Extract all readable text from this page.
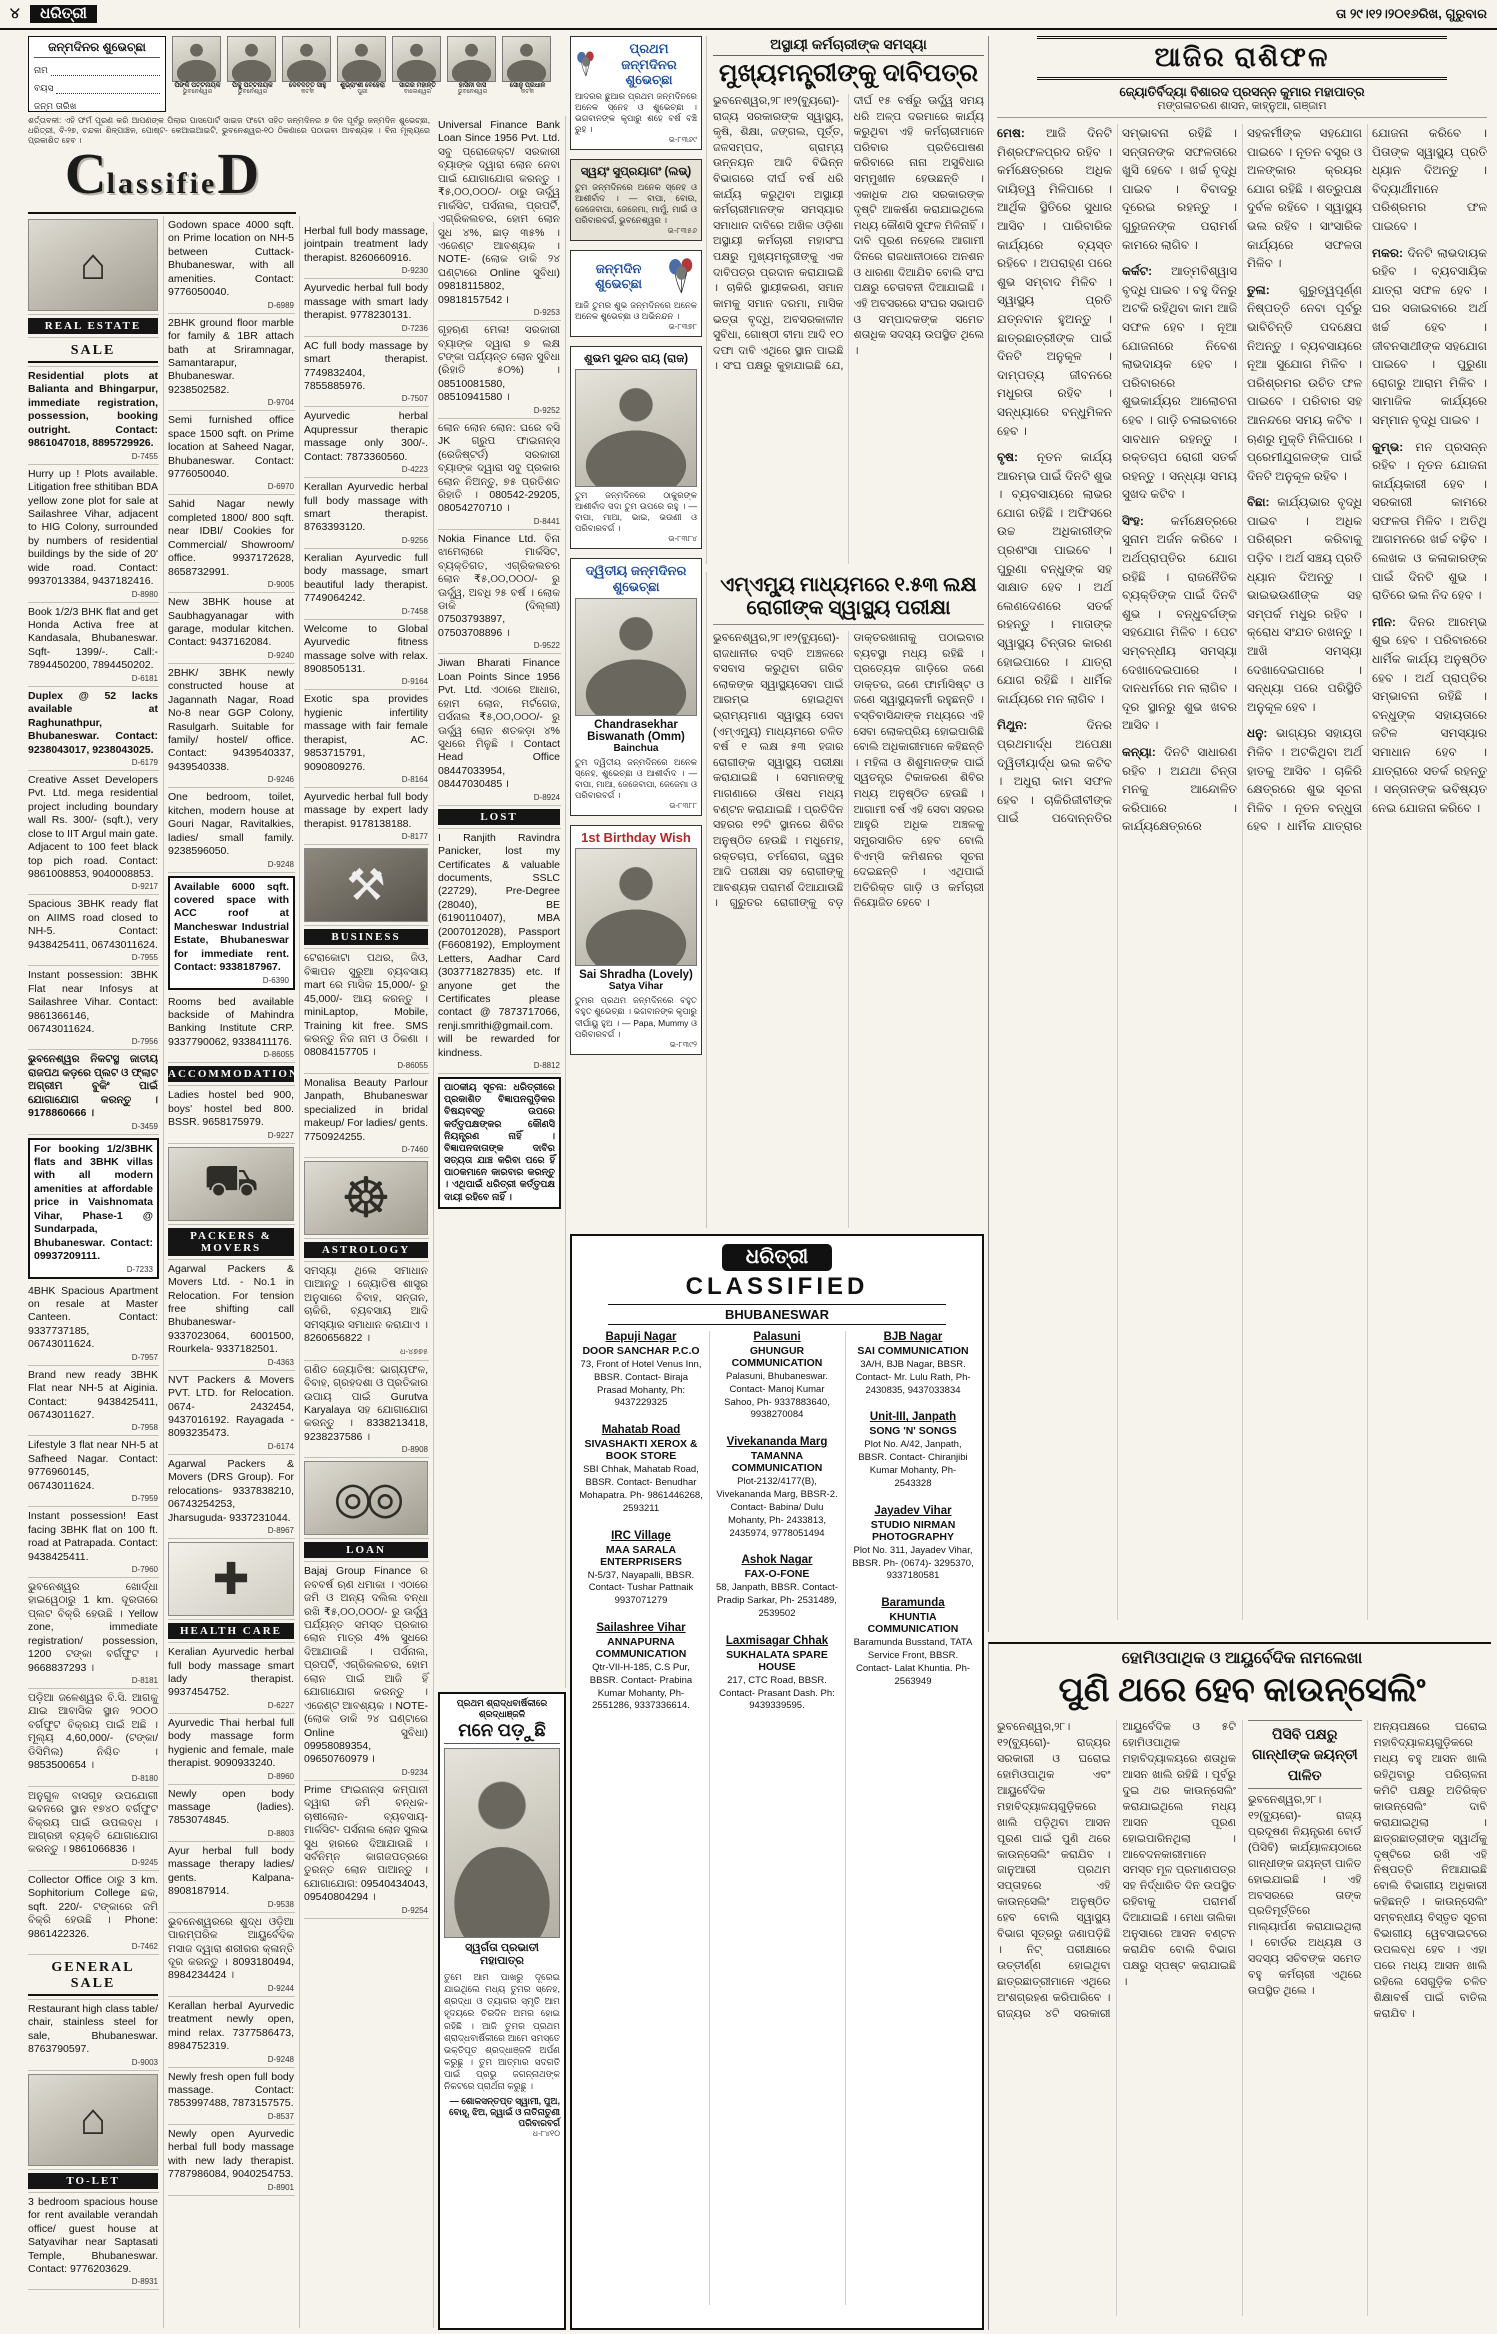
୪ ଧରିତ୍ରୀ	ତା ୨୯।୧୨।୨୦୧୬ରିଖ, ଗୁରୁବାର
ଜନ୍ମଦିନର ଶୁଭେଚ୍ଛା
ନାମ
ବୟସ
ଜନ୍ମ ତାରିଖ
ପିଙ୍କି ପଟ୍ଟନାୟକ
ଭୁବନେଶ୍ୱର
ପିକୁ ପଟ୍ଟନାୟକ
ଭୁବନେଶ୍ୱର
ଦେବଦତ୍ତ ସାହୁ
କଟକ
ଶୁଭ୍ରାଂଶୀ ବେହେରା
ପୁରୀ
ସାଗର ମହାନ୍ତି
ବାଲେଶ୍ୱର
ହାସିନୀ ଦାସ
ଭୁବନେଶ୍ୱର
ସୋନୁ ପ୍ରଧାନ
କଟକ
ଶର୍ତ୍ତାବଳୀ: ଏହି ଫର୍ମ ପୂରଣ କରି ଆପଣଙ୍କ ପିଲାର ପାସପୋର୍ଟ ସାଇଜ ଫଟୋ ସହିତ ଜନ୍ମଦିନର ୭ ଦିନ ପୂର୍ବରୁ ଜନ୍ମଦିନ ଶୁଭେଚ୍ଛା, ଧରିତ୍ରୀ, ବି-୨୭, ଚନ୍ଦକା ଶିଳ୍ପାଞ୍ଚଳ, ପୋଷ୍ଟ- କେଆଇଆଇଟି, ଭୁବନେଶ୍ୱର-୧୦ ଠିକଣାରେ ପଠାଇବା ଆବଶ୍ୟକ । ବିନା ମୂଲ୍ୟରେ ପ୍ରକାଶିତ ହେବ ।
ClassifieD
⌂
REAL ESTATE
SALE
Residential plots at Balianta and Bhingarpur, immediate registration, possession, booking outright. Contact: 9861047018, 8895729926.
D-7455
Hurry up ! Plots available. Litigation free sthitiban BDA yellow zone plot for sale at Sailashree Vihar, adjacent to HIG Colony, surrounded by numbers of residential buildings by the side of 20' wide road. Contact: 9937013384, 9437182416.
D-8980
Book 1/2/3 BHK flat and get Honda Activa free at Kandasala, Bhubaneswar. Sqft- 1399/-. Call:- 7894450200, 7894450202.
D-6181
Duplex @ 52 lacks available at Raghunathpur, Bhubaneswar. Contact: 9238043017, 9238043025.
D-6179
Creative Asset Developers Pvt. Ltd. mega residential project including boundary wall Rs. 300/- (sqft.), very close to IIT Argul main gate. Adjacent to 100 feet black top pich road. Contact: 9861008853, 9040008853.
D-9217
Spacious 3BHK ready flat on AIIMS road closed to NH-5. Contact: 9438425411, 06743011624.
D-7955
Instant possession: 3BHK Flat near Infosys at Sailashree Vihar. Contact: 9861366146, 06743011624.
D-7956
ଭୁବନେଶ୍ୱର ନିକଟସ୍ଥ ଜାତୀୟ ରାଜପଥ କଡ଼ରେ ପ୍ଲଟ ଓ ଫ୍ଲାଟ ଅଗ୍ରୀମ ବୁକିଂ ପାଇଁ ଯୋଗାଯୋଗ କରନ୍ତୁ । 9178860666 ।
D-3459
For booking 1/2/3BHK flats and 3BHK villas with all modern amenities at affordable price in Vaishnomata Vihar, Phase-1 @ Sundarpada, Bhubaneswar. Contact: 09937209111.
D-7233
4BHK Spacious Apartment on resale at Master Canteen. Contact: 9337737185, 06743011624.
D-7957
Brand new ready 3BHK Flat near NH-5 at Aiginia. Contact: 9438425411, 06743011627.
D-7958
Lifestyle 3 flat near NH-5 at Safheed Nagar. Contact: 9776960145, 06743011624.
D-7959
Instant possession! East facing 3BHK flat on 100 ft. road at Patrapada. Contact: 9438425411.
D-7960
ଭୁବନେଶ୍ୱର ଖୋର୍ଦ୍ଧା ହାଇୱେଠାରୁ 1 km. ଦୂରତାରେ ପ୍ଲଟ ବିକ୍ରି ହେଉଛି । Yellow zone, immediate registration/ possession, 1200 ଟଙ୍କା ବର୍ଗଫୁଟ । 9668837293 ।
D-8181
ପଡ଼ିଆ ଜଳେଶ୍ୱର ବି.ସି. ଆଗକୁ ଯାଇ ଆବାସିକ ସ୍ଥାନ ୨୦୦୦ ବର୍ଗଫୁଟ ବିକ୍ରୟ ପାଇଁ ଅଛି । ମୂଲ୍ୟ 4,60,000/- (ଟଙ୍କା/ ଡିସିମିଲ) ନିଶ୍ଚିତ । 9853500654 ।
D-8180
ଅନୁଗୁଳ ବାସଗୃହ ଉପଯୋଗୀ ଭବନରେ ସ୍ଥାନ ୧୭୪୦ ବର୍ଗଫୁଟ ବିକ୍ରୟ ପାଇଁ ଉପଲବ୍ଧ । ଆଗ୍ରହୀ ବ୍ୟକ୍ତି ଯୋଗାଯୋଗ କରନ୍ତୁ । 9861066836 ।
D-9245
Collector Office ଠାରୁ 3 km. Sophitorium College ଛକ, sqft. 220/- ଟଙ୍କାରେ ଜମି ବିକ୍ରି ହେଉଛି । Phone: 9861422326.
D-7462
GENERAL SALE
Restaurant high class table/ chair, stainless steel for sale, Bhubaneswar. 8763790597.
D-9003
⌂
TO-LET
3 bedroom spacious house for rent available verandah office/ guest house at Satyavihar near Saptasati Temple, Bhubaneswar. Contact: 9776203629.
D-8931
Godown space 4000 sqft. on Prime location on NH-5 between Cuttack- Bhubaneswar, with all amenities. Contact: 9776050040.
D-6989
2BHK ground floor marble for family & 1BR attach bath at Sriramnagar, Samantarapur, Bhubaneswar. 9238502582.
D-9704
Semi furnished office space 1500 sqft. on Prime location at Saheed Nagar, Bhubaneswar. Contact: 9776050040.
D-6970
Sahid Nagar newly completed 1800/ 800 sqft. near IDBI/ Cookies for Commercial/ Showroom/ office. 9937172628, 8658732991.
D-9005
New 3BHK house at Saubhagyanagar with garage, modular kitchen. Contact: 9437162084.
D-9240
2BHK/ 3BHK newly constructed house at Jagannath Nagar, Road No-8 near GGP Colony, Rasulgarh. Suitable for family/ hostel/ office. Contact: 9439540337, 9439540338.
D-9246
One bedroom, toilet, kitchen, modern house at Gouri Nagar, Ravitalkies, ladies/ small family. 9238596050.
D-9248
Available 6000 sqft. covered space with ACC roof at Mancheswar Industrial Estate, Bhubaneswar for immediate rent. Contact: 9338187967.
D-6390
Rooms bed available backside of Mahindra Banking Institute CRP. 9337790062, 9338411176.
D-86055
ACCOMMODATION
Ladies hostel bed 900, boys' hostel bed 800. BSSR. 9658175979.
D-9227
⛟
PACKERS & MOVERS
Agarwal Packers & Movers Ltd. - No.1 in Relocation. For tension free shifting call Bhubaneswar- 9337023064, 6001500, Rourkela- 9337182501.
D-4363
NVT Packers & Movers PVT. LTD. for Relocation. 0674- 2432454, 9437016192. Rayagada - 8093235473.
D-6174
Agarwal Packers & Movers (DRS Group). For relocations- 9337838210, 06743254253, Jharsuguda- 9337231044.
D-8967
✚
HEALTH CARE
Keralian Ayurvedic herbal full body massage smart lady therapist. 9937454752.
D-6227
Ayurvedic Thai herbal full body massage form hygienic and female, male therapist. 9090933240.
D-8960
Newly open body massage (ladies). 7853074845.
D-8803
Ayur herbal full body massage therapy ladies/ gents. Kalpana- 8908187914.
D-9538
ଭୁବନେଶ୍ୱରରେ ଶୁଦ୍ଧ ଓଡ଼ିଆ ପାରମ୍ପରିକ ଆୟୁର୍ବେଦିକ ମସାଜ ଦ୍ୱାରା ଶରୀରର କ୍ଳାନ୍ତି ଦୂର କରନ୍ତୁ । 8093180494, 8984234424 ।
D-9244
Kerallan herbal Ayurvedic treatment newly open, mind relax. 7377586473, 8984752319.
D-9248
Newly fresh open full body massage. Contact: 7853997488, 7873157575.
D-8537
Newly open Ayurvedic herbal full body massage with new lady therapist. 7787986084, 9040254753.
D-8901
Herbal full body massage, jointpain treatment lady therapist. 8260660916.
D-9230
Ayurvedic herbal full body massage with smart lady therapist. 9778230131.
D-7236
AC full body massage by smart therapist. 7749832404, 7855885976.
D-7507
Ayurvedic herbal Aqupressur therapic massage only 300/-. Contact: 7873360560.
D-4223
Kerallan Ayurvedic herbal full body massage with smart therapist. 8763393120.
D-9256
Keralian Ayurvedic full body massage, smart beautiful lady therapist. 7749064242.
D-7458
Welcome to Global Ayurvedic fitness massage solve with relax. 8908505131.
D-9164
Exotic spa provides hygienic infertility massage with fair female therapist, AC. 9853715791, 9090809276.
D-8164
Ayurvedic herbal full body massage by expert lady therapist. 9178138188.
D-8177
⚒
BUSINESS
ଟେରାକୋଟା ପଥର, ଜିଓ, ବିଜ୍ଞାପନ ସୁରୁଆ ବ୍ୟବସାୟ mart ରେ ମାସିକ 15,000/- ରୁ 45,000/- ଆୟ କରନ୍ତୁ । miniLaptop, Mobile, Training kit free. SMS କରନ୍ତୁ ନିଜ ନାମ ଓ ଠିକଣା । 08084157705 ।
D-86055
Monalisa Beauty Parlour Janpath, Bhubaneswar specialized in bridal makeup/ For ladies/ gents. 7750924255.
D-7460
☸
ASTROLOGY
ସମସ୍ୟା ଥିଲେ ସମାଧାନ ପାଆନ୍ତୁ । ଜ୍ୟୋତିଷ ଶାସ୍ତ୍ର ଅନୁସାରେ ବିବାହ, ସନ୍ତାନ, ଚାକିରି, ବ୍ୟବସାୟ ଆଦି ସମସ୍ୟାର ସମାଧାନ କରାଯାଏ । 8260656822 ।
ଧ-୪୭୭୫
ଗଣିତ ଜ୍ୟୋତିଷ: ଭାଗ୍ୟଫଳ, ବିବାହ, ଗ୍ରହଦଶା ଓ ପ୍ରତିକାର ଉପାୟ ପାଇଁ Gurutva Karyalaya ସହ ଯୋଗାଯୋଗ କରନ୍ତୁ । 8338213418, 9238237586 ।
D-8908
◎◎
LOAN
Bajaj Group Finance ର ନବବର୍ଷ ଋଣ ଧମାକା । ଏଠାରେ ଜମି ଓ ଅନ୍ୟ ଦଲିଲ ବନ୍ଧା ରଖି ₹୫,୦୦,୦୦୦/- ରୁ ଊର୍ଦ୍ଧ୍ୱ ପର୍ଯ୍ୟନ୍ତ ସମସ୍ତ ପ୍ରକାର ଲୋନ ମାତ୍ର 4% ସୁଧରେ ଦିଆଯାଉଛି । ପର୍ସନାଲ, ପ୍ରପର୍ଟି, ଏଗ୍ରିକଲଚର, ହୋମ ଲୋନ ପାଇଁ ଆଜି ହିଁ ଯୋଗାଯୋଗ କରନ୍ତୁ । ଏଜେଣ୍ଟ ଆବଶ୍ୟକ । NOTE- (ଲୋକ ଡାକି ୨୪ ଘଣ୍ଟାରେ Online ସୁବିଧା) 09958089354, 09650760979 ।
D-9234
Prime ଫାଇନାନ୍ସ କମ୍ପାନୀ ଦ୍ୱାରା ଜମି ବନ୍ଧକ- ଚାଷୀଲୋନ- ବ୍ୟବସାୟ- ମାର୍କସିଟ- ପର୍ସନାଲ ଲୋନ ସୁଲଭ ସୁଧ ହାରରେ ଦିଆଯାଉଛି । ସର୍ବନିମ୍ନ କାଗଜପତ୍ରରେ ତୁରନ୍ତ ଲୋନ ପାଆନ୍ତୁ । ଯୋଗାଯୋଗ: 09540434043, 09540804294 ।
D-9254
Universal Finance Bank Loan Since 1956 Pvt. Ltd. ସବୁ ପ୍ରୋଜେକ୍ଟ/ ସରକାରୀ ବ୍ୟାଙ୍କ ଦ୍ୱାରା ଲୋନ ନେବା ପାଇଁ ଯୋଗାଯୋଗ କରନ୍ତୁ । ₹୫,୦୦,୦୦୦/- ଠାରୁ ଊର୍ଦ୍ଧ୍ୱ ମାର୍କସିଟ, ପର୍ସନାଲ, ପ୍ରପର୍ଟି, ଏଗ୍ରିକଲଚର, ହୋମ ଲୋନ ସୁଧ ୪%, ଛାଡ଼ ୩୫% । ଏଜେଣ୍ଟ ଆବଶ୍ୟକ । NOTE- (ଲୋକ ଡାକି ୨୪ ଘଣ୍ଟାରେ Online ସୁବିଧା) 09818115802, 09818157542 ।
D-9253
ଗୃହଋଣ ମେଳା! ସରକାରୀ ବ୍ୟାଙ୍କ ଦ୍ୱାରା ୭ ଲକ୍ଷ ଟଙ୍କା ପର୍ଯ୍ୟନ୍ତ ଲୋନ ସୁବିଧା (ରିହାତି ୫୦%) । 08510081580, 08510941580 ।
D-9252
ଲୋନ ଲୋନ ଲୋନ: ଘରେ ବସି JK ଗ୍ରୁପ ଫାଇନାନ୍ସ (ରେଜିଷ୍ଟର୍ଡ) ସରକାରୀ ବ୍ୟାଙ୍କ ଦ୍ୱାରା ସବୁ ପ୍ରକାର ଲୋନ ନିଅନ୍ତୁ, ୭୫ ପ୍ରତିଶତ ରିହାତି । 080542-29205, 08054270710 ।
D-8441
Nokia Finance Ltd. ବିନା ଝାମେଲାରେ ମାର୍କସିଟ, ବ୍ୟକ୍ତିଗତ, ଏଗ୍ରିକଲଚର ଲୋନ ₹୫,୦୦,୦୦୦/- ରୁ ଊର୍ଦ୍ଧ୍ୱ, ଅବଧି ୨୫ ବର୍ଷ । ଲୋକ ଡାକି (ଦିଲ୍ଲୀ) 07503793897, 07503708896 ।
D-9522
Jiwan Bharati Finance Loan Points Since 1956 Pvt. Ltd. ଏଠାରେ ଆଧାର, ହୋମ ଲୋନ, ମର୍ଟଗେଜ, ପର୍ସନାଲ ₹୫,୦୦,୦୦୦/- ରୁ ଊର୍ଦ୍ଧ୍ୱ ଲୋନ ଶତକଡ଼ା ୪% ସୁଧରେ ମିଳୁଛି । Contact Head Office 08447033954, 08447030485 ।
D-8924
LOST
I Ranjith Ravindra Panicker, lost my Certificates & valuable documents, SSLC (22729), Pre-Degree (28040), BE (6190110407), MBA (2007012028), Passport (F6608192), Employment Letters, Aadhar Card (303771827835) etc. If anyone get the Certificates please contact @ 7873717066, renji.smrithi@gmail.com. will be rewarded for kindness.
D-8812
ପାଠକୀୟ ସୂଚନା: ଧରିତ୍ରୀରେ ପ୍ରକାଶିତ ବିଜ୍ଞାପନଗୁଡ଼ିକର ବିଷୟବସ୍ତୁ ଉପରେ କର୍ତ୍ତୃପକ୍ଷଙ୍କର କୌଣସି ନିୟନ୍ତ୍ରଣ ନାହିଁ । ବିଜ୍ଞାପନଦାତାଙ୍କ ଦାବିର ସତ୍ୟତା ଯାଞ୍ଚ କରିବା ପରେ ହିଁ ପାଠକମାନେ କାରବାର କରନ୍ତୁ । ଏଥିପାଇଁ ଧରିତ୍ରୀ କର୍ତ୍ତୃପକ୍ଷ ଦାୟୀ ରହିବେ ନାହିଁ ।
ପ୍ରଥମ ଶ୍ରାଦ୍ଧବାର୍ଷିକୀରେ ଶ୍ରଦ୍ଧାଞ୍ଜଳି
ମନେ ପଡ଼ୁଛି
ସ୍ୱର୍ଗତା ପ୍ରଭାତୀ ମହାପାତ୍ର
ତୁମେ ଆମ ପାଖରୁ ଦୂରେଇ ଯାଇଥିଲେ ମଧ୍ୟ ତୁମର ସ୍ନେହ, ଶ୍ରଦ୍ଧା ଓ ତ୍ୟାଗର ସ୍ମୃତି ଆମ ହୃଦୟରେ ଚିରଦିନ ଅମର ହୋଇ ରହିଛି । ଆଜି ତୁମର ପ୍ରଥମ ଶ୍ରାଦ୍ଧବାର୍ଷିକୀରେ ଆମେ ସମସ୍ତେ ଭକ୍ତିପୂତ ଶ୍ରଦ୍ଧାଞ୍ଜଳି ଅର୍ପଣ କରୁଛୁ । ତୁମ ଆତ୍ମାର ସଦଗତି ପାଇଁ ପ୍ରଭୁ ଜଗନ୍ନାଥଙ୍କ ନିକଟରେ ପ୍ରାର୍ଥନା କରୁଛୁ ।
— ଶୋକସନ୍ତପ୍ତ ସ୍ୱାମୀ, ପୁଅ, ବୋହୂ, ଝିଅ, ଜ୍ୱାଇଁ ଓ ନାତିନାତୁଣୀ ପରିବାରବର୍ଗ
ଧ-୮୪୧୦
ପ୍ରଥମ ଜନ୍ମଦିନର ଶୁଭେଚ୍ଛା
ଆଦରର ଛୁଆର ପ୍ରଥମ ଜନ୍ମଦିନରେ ଅନେକ ସ୍ନେହ ଓ ଶୁଭେଚ୍ଛା । ଭଗବାନଙ୍କ କୃପାରୁ ଶହେ ବର୍ଷ ବଞ୍ଚି ରୁହ ।
ଭ-୮୩୬୯
ସ୍ୱୟଂ ସୁପ୍ରୟାଗଂ (ଲଭ୍)
ତୁମ ଜନ୍ମଦିନରେ ଅନେକ ସ୍ନେହ ଓ ଆଶୀର୍ବାଦ । — ବାପା, ବୋଉ, ଜେଜେବାପା, ଜେଜେମା, ମାମୁଁ, ମାଇଁ ଓ ପରିବାରବର୍ଗ, ଭୁବନେଶ୍ୱର ।
ଭ-୮୩୫୬
ଜନ୍ମଦିନ ଶୁଭେଚ୍ଛା
ଆଜି ତୁମର ଶୁଭ ଜନ୍ମଦିନରେ ଅନେକ ଅନେକ ଶୁଭେଚ୍ଛା ଓ ଅଭିନନ୍ଦନ ।
ଭ-୮୩୭୮
ଶୁଭମ ସୁନ୍ଦର ରାୟ (ରାଜ)
ତୁମ ଜନ୍ମଦିନରେ ଠାକୁରଙ୍କ ଆଶୀର୍ବାଦ ସଦା ତୁମ ଉପରେ ରହୁ । — ବାପା, ମାଆ, ଭାଇ, ଭଉଣୀ ଓ ପରିବାରବର୍ଗ ।
ଭ-୮୩୮୪
ଦ୍ୱିତୀୟ ଜନ୍ମଦିନର ଶୁଭେଚ୍ଛା
Chandrasekhar Biswanath (Omm)
Bainchua
ତୁମ ଦ୍ୱିତୀୟ ଜନ୍ମଦିନରେ ଅନେକ ସ୍ନେହ, ଶୁଭେଚ୍ଛା ଓ ଆଶୀର୍ବାଦ । — ବାପା, ମାଆ, ଜେଜେବାପା, ଜେଜେମା ଓ ପରିବାରବର୍ଗ ।
ଭ-୮୩୮୮
1st Birthday Wish
Sai Shradha (Lovely)
Satya Vihar
ତୁମର ପ୍ରଥମ ଜନ୍ମଦିନରେ ବହୁତ ବହୁତ ଶୁଭେଚ୍ଛା । ଭଗବାନଙ୍କ କୃପାରୁ ଦୀର୍ଘାୟୁ ହୁଅ । — Papa, Mummy ଓ ପରିବାରବର୍ଗ ।
ଭ-୮୩୯୨
ଅସ୍ଥାୟୀ କର୍ମଚାରୀଙ୍କ ସମସ୍ୟା
ମୁଖ୍ୟମନ୍ତ୍ରୀଙ୍କୁ ଦାବିପତ୍ର
ଭୁବନେଶ୍ୱର,୨୮।୧୨(ବ୍ୟୁରୋ)- ରାଜ୍ୟ ସରକାରଙ୍କ ସ୍ୱାସ୍ଥ୍ୟ, କୃଷି, ଶିକ୍ଷା, ଜଙ୍ଗଲ, ପୂର୍ତ୍ତ, ଜଳସମ୍ପଦ, ଗ୍ରାମ୍ୟ ଉନ୍ନୟନ ଆଦି ବିଭିନ୍ନ ବିଭାଗରେ ଦୀର୍ଘ ବର୍ଷ ଧରି କାର୍ଯ୍ୟ କରୁଥିବା ଅସ୍ଥାୟୀ କର୍ମଚାରୀମାନଙ୍କ ସମସ୍ୟାର ସମାଧାନ ଦାବିରେ ଅଖିଳ ଓଡ଼ିଶା ଅସ୍ଥାୟୀ କର୍ମଚାରୀ ମହାସଂଘ ପକ୍ଷରୁ ମୁଖ୍ୟମନ୍ତ୍ରୀଙ୍କୁ ଏକ ଦାବିପତ୍ର ପ୍ରଦାନ କରାଯାଇଛି । ଚାକିରି ସ୍ଥାୟୀକରଣ, ସମାନ କାମକୁ ସମାନ ଦରମା, ମାସିକ ଭତ୍ତା ବୃଦ୍ଧି, ଅବସରକାଳୀନ ସୁବିଧା, ଗୋଷ୍ଠୀ ବୀମା ଆଦି ୧୦ ଦଫା ଦାବି ଏଥିରେ ସ୍ଥାନ ପାଇଛି । ସଂଘ ପକ୍ଷରୁ କୁହାଯାଇଛି ଯେ, ଦୀର୍ଘ ୧୫ ବର୍ଷରୁ ଊର୍ଦ୍ଧ୍ୱ ସମୟ ଧରି ଅଳ୍ପ ଦରମାରେ କାର୍ଯ୍ୟ କରୁଥିବା ଏହି କର୍ମଚାରୀମାନେ ପରିବାର ପ୍ରତିପୋଷଣ କରିବାରେ ନାନା ଅସୁବିଧାର ସମ୍ମୁଖୀନ ହେଉଛନ୍ତି । ଏକାଧିକ ଥର ସରକାରଙ୍କ ଦୃଷ୍ଟି ଆକର୍ଷଣ କରାଯାଇଥିଲେ ମଧ୍ୟ କୌଣସି ସୁଫଳ ମିଳିନାହିଁ । ଦାବି ପୂରଣ ନହେଲେ ଆଗାମୀ ଦିନରେ ରାଜଧାନୀଠାରେ ଅନଶନ ଓ ଧାରଣା ଦିଆଯିବ ବୋଲି ସଂଘ ପକ୍ଷରୁ ଚେତାବନୀ ଦିଆଯାଇଛି । ଏହି ଅବସରରେ ସଂଘର ସଭାପତି ଓ ସମ୍ପାଦକଙ୍କ ସମେତ ଶତାଧିକ ସଦସ୍ୟ ଉପସ୍ଥିତ ଥିଲେ ।
ଏମ୍ଏମ୍ୟୁ ମାଧ୍ୟମରେ ୧.୫୩ ଲକ୍ଷ ରୋଗୀଙ୍କ ସ୍ୱାସ୍ଥ୍ୟ ପରୀକ୍ଷା
ଭୁବନେଶ୍ୱର,୨୮।୧୨(ବ୍ୟୁରୋ)- ରାଜଧାନୀର ବସ୍ତି ଅଞ୍ଚଳରେ ବସବାସ କରୁଥିବା ଗରିବ ଲୋକଙ୍କ ସ୍ୱାସ୍ଥ୍ୟସେବା ପାଇଁ ଆରମ୍ଭ ହୋଇଥିବା ଭ୍ରାମ୍ୟମାଣ ସ୍ୱାସ୍ଥ୍ୟ ସେବା (ଏମ୍ଏମ୍ୟୁ) ମାଧ୍ୟମରେ ଚଳିତ ବର୍ଷ ୧ ଲକ୍ଷ ୫୩ ହଜାର ରୋଗୀଙ୍କ ସ୍ୱାସ୍ଥ୍ୟ ପରୀକ୍ଷା କରାଯାଇଛି । ସେମାନଙ୍କୁ ମାଗଣାରେ ଔଷଧ ମଧ୍ୟ ବଣ୍ଟନ କରାଯାଇଛି । ପ୍ରତିଦିନ ସହରର ୧୨ଟି ସ୍ଥାନରେ ଶିବିର ଅନୁଷ୍ଠିତ ହେଉଛି । ମଧୁମେହ, ରକ୍ତଚାପ, ଚର୍ମରୋଗ, ଜ୍ୱର ଆଦି ପରୀକ୍ଷା ସହ ରୋଗୀଙ୍କୁ ଆବଶ୍ୟକ ପରାମର୍ଶ ଦିଆଯାଉଛି । ଗୁରୁତର ରୋଗୀଙ୍କୁ ବଡ଼ ଡାକ୍ତରଖାନାକୁ ପଠାଇବାର ବ୍ୟବସ୍ଥା ମଧ୍ୟ ରହିଛି । ପ୍ରତ୍ୟେକ ଗାଡ଼ିରେ ଜଣେ ଡାକ୍ତର, ଜଣେ ଫାର୍ମାସିଷ୍ଟ ଓ ଜଣେ ସ୍ୱାସ୍ଥ୍ୟକର୍ମୀ ରହୁଛନ୍ତି । ବସ୍ତିବାସିନ୍ଦାଙ୍କ ମଧ୍ୟରେ ଏହି ସେବା ଲୋକପ୍ରିୟ ହୋଇପାରିଛି ବୋଲି ଅଧିକାରୀମାନେ କହିଛନ୍ତି । ମହିଳା ଓ ଶିଶୁମାନଙ୍କ ପାଇଁ ସ୍ୱତନ୍ତ୍ର ଟିକାକରଣ ଶିବିର ମଧ୍ୟ ଅନୁଷ୍ଠିତ ହେଉଛି । ଆଗାମୀ ବର୍ଷ ଏହି ସେବା ସହରର ଆହୁରି ଅଧିକ ଅଞ୍ଚଳକୁ ସମ୍ପ୍ରସାରିତ ହେବ ବୋଲି ବିଏମ୍ସି କମିଶନର ସୂଚନା ଦେଇଛନ୍ତି । ଏଥିପାଇଁ ଅତିରିକ୍ତ ଗାଡ଼ି ଓ କର୍ମଚାରୀ ନିୟୋଜିତ ହେବେ ।
ଧରିତ୍ରୀ
CLASSIFIED
BHUBANESWAR
Bapuji Nagar
DOOR SANCHAR P.C.O
73, Front of Hotel Venus Inn, BBSR. Contact- Biraja Prasad Mohanty, Ph: 9437229325
Mahatab Road
SIVASHAKTI XEROX & BOOK STORE
SBI Chhak, Mahatab Road, BBSR. Contact- Benudhar Mohapatra. Ph- 9861446268, 2593211
IRC Village
MAA SARALA ENTERPRISERS
N-5/37, Nayapalli, BBSR. Contact- Tushar Pattnaik 9937071279
Sailashree Vihar
ANNAPURNA COMMUNICATION
Qtr-VII-H-185, C.S Pur, BBSR. Contact- Prabina Kumar Mohanty, Ph- 2551286, 9337336614.
Palasuni
GHUNGUR COMMUNICATION
Palasuni, Bhubaneswar. Contact- Manoj Kumar Sahoo, Ph- 9337883640, 9938270084
Vivekananda Marg
TAMANNA COMMUNICATION
Plot-2132/4177(B), Vivekananda Marg, BBSR-2. Contact- Babina/ Dulu Mohanty, Ph- 2433813, 2435974, 9778051494
Ashok Nagar
FAX-O-FONE
58, Janpath, BBSR. Contact- Pradip Sarkar, Ph- 2531489, 2539502
Laxmisagar Chhak
SUKHALATA SPARE HOUSE
217, CTC Road, BBSR. Contact- Prasant Dash. Ph: 9439339595.
BJB Nagar
SAI COMMUNICATION
3A/H, BJB Nagar, BBSR. Contact- Mr. Lulu Rath, Ph- 2430835, 9437033834
Unit-III, Janpath
SONG 'N' SONGS
Plot No. A/42, Janpath, BBSR. Contact- Chiranjibi Kumar Mohanty, Ph- 2543328
Jayadev Vihar
STUDIO NIRMAN PHOTOGRAPHY
Plot No. 311, Jayadev Vihar, BBSR. Ph- (0674)- 3295370, 9337180581
Baramunda
KHUNTIA COMMUNICATION
Baramunda Busstand, TATA Service Front, BBSR. Contact- Lalat Khuntia. Ph- 2563949
ଆଜିର ରାଶିଫଳ
ଜ୍ୟୋତିର୍ବିଦ୍ୟା ବିଶାରଦ ପ୍ରସନ୍ନ କୁମାର ମହାପାତ୍ର
ମଙ୍ଗଳାଚରଣ ଶାସନ, କାହ୍ନୁଆ, ଗଞ୍ଜାମ

ମେଷ : ଆଜି ଦିନଟି ମିଶ୍ରଫଳପ୍ରଦ ରହିବ । କର୍ମକ୍ଷେତ୍ରରେ ଅଧିକ ଦାୟିତ୍ୱ ମିଳିପାରେ । ଆର୍ଥିକ ସ୍ଥିତିରେ ସୁଧାର ଆସିବ । ପାରିବାରିକ କାର୍ଯ୍ୟରେ ବ୍ୟସ୍ତ ରହିବେ । ଅପରାହ୍ଣ ପରେ ଶୁଭ ସମ୍ବାଦ ମିଳିବ । ସ୍ୱାସ୍ଥ୍ୟ ପ୍ରତି ଯତ୍ନବାନ ହୁଅନ୍ତୁ । ଛାତ୍ରଛାତ୍ରୀଙ୍କ ପାଇଁ ଦିନଟି ଅନୁକୂଳ । ଦାମ୍ପତ୍ୟ ଜୀବନରେ ମଧୁରତା ରହିବ । ସନ୍ଧ୍ୟାରେ ବନ୍ଧୁମିଳନ ହେବ ।

ବୃଷ : ନୂତନ କାର୍ଯ୍ୟ ଆରମ୍ଭ ପାଇଁ ଦିନଟି ଶୁଭ । ବ୍ୟବସାୟରେ ଲାଭର ଯୋଗ ରହିଛି । ଅଫିସରେ ଉଚ୍ଚ ଅଧିକାରୀଙ୍କ ପ୍ରଶଂସା ପାଇବେ । ପୁରୁଣା ବନ୍ଧୁଙ୍କ ସହ ସାକ୍ଷାତ ହେବ । ଅର୍ଥ ଲେଣଦେଣରେ ସତର୍କ ରହନ୍ତୁ । ମାତାଙ୍କ ସ୍ୱାସ୍ଥ୍ୟ ଚିନ୍ତାର କାରଣ ହୋଇପାରେ । ଯାତ୍ରା ଯୋଗ ରହିଛି । ଧାର୍ମିକ କାର୍ଯ୍ୟରେ ମନ ଲାଗିବ ।

ମିଥୁନ :	ଦିନର ପ୍ରଥମାର୍ଦ୍ଧ ଅପେକ୍ଷା ଦ୍ୱିତୀୟାର୍ଦ୍ଧ ଭଲ କଟିବ । ଅଧୁରା କାମ ସଫଳ ହେବ । ଚାକିରିଜୀବୀଙ୍କ ପାଇଁ ପଦୋନ୍ନତିର ସମ୍ଭାବନା ରହିଛି । ସନ୍ତାନଙ୍କ ସଫଳତାରେ ଖୁସି ହେବେ । ଖର୍ଚ୍ଚ ବୃଦ୍ଧି ପାଇବ । ବିବାଦରୁ ଦୂରେଇ ରହନ୍ତୁ । ଗୁରୁଜନଙ୍କ ପରାମର୍ଶ କାମରେ ଲାଗିବ ।

କର୍କଟ : ଆତ୍ମବିଶ୍ୱାସ ବୃଦ୍ଧି ପାଇବ । ବହୁ ଦିନରୁ ଅଟକି ରହିଥିବା କାମ ଆଜି ସଫଳ ହେବ । ନୂଆ ଯୋଜନାରେ ନିବେଶ ଲାଭଦାୟକ ହେବ । ପରିବାରରେ ଶୁଭକାର୍ଯ୍ୟର ଆଲୋଚନା ହେବ । ଗାଡ଼ି ଚଳାଇବାରେ ସାବଧାନ ରହନ୍ତୁ । ରକ୍ତଚାପ ରୋଗୀ ସତର୍କ ରହନ୍ତୁ । ସନ୍ଧ୍ୟା ସମୟ ସୁଖଦ କଟିବ ।

ସିଂହ :	କର୍ମକ୍ଷେତ୍ରରେ ସୁନାମ ଅର୍ଜନ କରିବେ । ଅର୍ଥପ୍ରାପ୍ତିର ଯୋଗ ରହିଛି । ରାଜନୈତିକ ବ୍ୟକ୍ତିଙ୍କ ପାଇଁ ଦିନଟି ଶୁଭ । ବନ୍ଧୁବର୍ଗଙ୍କ ସହଯୋଗ ମିଳିବ । ପେଟ ସମ୍ବନ୍ଧୀୟ ସମସ୍ୟା ଦେଖାଦେଇପାରେ । ଦାନଧର୍ମରେ ମନ ଲାଗିବ । ଦୂର ସ୍ଥାନରୁ ଶୁଭ ଖବର ଆସିବ ।

କନ୍ୟା : ଦିନଟି ସାଧାରଣ ରହିବ । ଅଯଥା ଚିନ୍ତା ମନକୁ ଆନ୍ଦୋଳିତ କରିପାରେ । କାର୍ଯ୍ୟକ୍ଷେତ୍ରରେ ସହକର୍ମୀଙ୍କ ସହଯୋଗ ପାଇବେ । ନୂତନ ବସ୍ତ୍ର ଓ ଅଳଙ୍କାର କ୍ରୟର ଯୋଗ ରହିଛି । ଶତ୍ରୁପକ୍ଷ ଦୁର୍ବଳ ରହିବେ । ସ୍ୱାସ୍ଥ୍ୟ ଭଲ ରହିବ । ସାଂସାରିକ କାର୍ଯ୍ୟରେ ସଫଳତା ମିଳିବ ।

ତୁଳା :	ଗୁରୁତ୍ୱପୂର୍ଣ୍ଣ ନିଷ୍ପତ୍ତି ନେବା ପୂର୍ବରୁ ଭାବିଚିନ୍ତି ପଦକ୍ଷେପ ନିଅନ୍ତୁ । ବ୍ୟବସାୟରେ ନୂଆ ସୁଯୋଗ ମିଳିବ । ପରିଶ୍ରମର ଉଚିତ ଫଳ ପାଇବେ । ପରିବାର ସହ ଆନନ୍ଦରେ ସମୟ କଟିବ । ଋଣରୁ ମୁକ୍ତି ମିଳିପାରେ । ପ୍ରେମୀଯୁଗଳଙ୍କ ପାଇଁ ଦିନଟି ଅନୁକୂଳ ରହିବ ।

ବିଛା : କାର୍ଯ୍ୟଭାର ବୃଦ୍ଧି ପାଇବ । ଅଧିକ ପରିଶ୍ରମ କରିବାକୁ ପଡ଼ିବ । ଅର୍ଥ ସଞ୍ଚୟ ପ୍ରତି ଧ୍ୟାନ ଦିଅନ୍ତୁ । ଭାଇଭଉଣୀଙ୍କ ସହ ସମ୍ପର୍କ ମଧୁର ରହିବ । କ୍ରୋଧ ସଂଯତ ରଖନ୍ତୁ । ଆଖି ସମସ୍ୟା ଦେଖାଦେଇପାରେ । ସନ୍ଧ୍ୟା ପରେ ପରିସ୍ଥିତି ଅନୁକୂଳ ହେବ ।

ଧନୁ : ଭାଗ୍ୟର ସହାୟତା ମିଳିବ । ଅଟକିଥିବା ଅର୍ଥ ହାତକୁ ଆସିବ । ଚାକିରି କ୍ଷେତ୍ରରେ ଶୁଭ ସୂଚନା ମିଳିବ । ନୂତନ ବନ୍ଧୁତା ହେବ । ଧାର୍ମିକ ଯାତ୍ରାର ଯୋଜନା କରିବେ । ପିତାଙ୍କ ସ୍ୱାସ୍ଥ୍ୟ ପ୍ରତି ଧ୍ୟାନ ଦିଅନ୍ତୁ । ବିଦ୍ୟାର୍ଥୀମାନେ ପରିଶ୍ରମର ଫଳ ପାଇବେ ।

ମକର : ଦିନଟି ଲାଭଦାୟକ ରହିବ । ବ୍ୟବସାୟିକ ଯାତ୍ରା ସଫଳ ହେବ । ଘର ସଜାଇବାରେ ଅର୍ଥ ଖର୍ଚ୍ଚ ହେବ । ଜୀବନସାଥୀଙ୍କ ସହଯୋଗ ପାଇବେ । ପୁରୁଣା ରୋଗରୁ ଆରାମ ମିଳିବ । ସାମାଜିକ କାର୍ଯ୍ୟରେ ସମ୍ମାନ ବୃଦ୍ଧି ପାଇବ ।

କୁମ୍ଭ : ମନ ପ୍ରସନ୍ନ ରହିବ । ନୂତନ ଯୋଜନା କାର୍ଯ୍ୟକାରୀ ହେବ । ସରକାରୀ କାମରେ ସଫଳତା ମିଳିବ । ଅତିଥି ଆଗମନରେ ଖର୍ଚ୍ଚ ବଢ଼ିବ । ଲେଖକ ଓ କଳାକାରଙ୍କ ପାଇଁ ଦିନଟି ଶୁଭ । ରାତିରେ ଭଲ ନିଦ ହେବ ।

ମୀନ : ଦିନର ଆରମ୍ଭ ଶୁଭ ହେବ । ପରିବାରରେ ଧାର୍ମିକ କାର୍ଯ୍ୟ ଅନୁଷ୍ଠିତ ହେବ । ଅର୍ଥ ପ୍ରାପ୍ତିର ସମ୍ଭାବନା ରହିଛି । ବନ୍ଧୁଙ୍କ ସହାୟତାରେ ଜଟିଳ ସମସ୍ୟାର ସମାଧାନ ହେବ । ଯାତ୍ରାରେ ସତର୍କ ରହନ୍ତୁ । ସନ୍ତାନଙ୍କ ଭବିଷ୍ୟତ ନେଇ ଯୋଜନା କରିବେ ।

ହୋମିଓପାଥିକ ଓ ଆୟୁର୍ବେଦିକ ନାମଲେଖା
ପୁଣି ଥରେ ହେବ କାଉନ୍ସେଲିଂ

ଭୁବନେଶ୍ୱର,୨୮।୧୨(ବ୍ୟୁରୋ)- ରାଜ୍ୟର ସରକାରୀ ଓ ଘରୋଇ ହୋମିଓପାଥିକ ଏବଂ ଆୟୁର୍ବେଦିକ ମହାବିଦ୍ୟାଳୟଗୁଡ଼ିକରେ ଖାଲି ପଡ଼ିଥିବା ଆସନ ପୂରଣ ପାଇଁ ପୁଣି ଥରେ କାଉନ୍ସେଲିଂ କରାଯିବ । ଜାନୁଆରୀ ପ୍ରଥମ ସପ୍ତାହରେ ଏହି କାଉନ୍ସେଲିଂ ଅନୁଷ୍ଠିତ ହେବ ବୋଲି ସ୍ୱାସ୍ଥ୍ୟ ବିଭାଗ ସୂତ୍ରରୁ ଜଣାପଡ଼ିଛି । ନିଟ୍ ପରୀକ୍ଷାରେ ଉତ୍ତୀର୍ଣ୍ଣ ହୋଇଥିବା ଛାତ୍ରଛାତ୍ରୀମାନେ ଏଥିରେ ଅଂଶଗ୍ରହଣ କରିପାରିବେ । ରାଜ୍ୟର ୪ଟି ସରକାରୀ ଆୟୁର୍ବେଦିକ ଓ ୫ଟି ହୋମିଓପାଥିକ ମହାବିଦ୍ୟାଳୟରେ ଶତାଧିକ ଆସନ ଖାଲି ରହିଛି । ପୂର୍ବରୁ ଦୁଇ ଥର କାଉନ୍ସେଲିଂ କରାଯାଇଥିଲେ ମଧ୍ୟ ଆସନ ପୂରଣ ହୋଇପାରିନଥିଲା । ଆବେଦନକାରୀମାନେ ସମସ୍ତ ମୂଳ ପ୍ରମାଣପତ୍ର ସହ ନିର୍ଦ୍ଧାରିତ ଦିନ ଉପସ୍ଥିତ ରହିବାକୁ ପରାମର୍ଶ ଦିଆଯାଇଛି । ମେଧା ତାଲିକା ଅନୁସାରେ ଆସନ ବଣ୍ଟନ କରାଯିବ ବୋଲି ବିଭାଗ ପକ୍ଷରୁ ସ୍ପଷ୍ଟ କରାଯାଇଛି ।

ପିସିବି ପକ୍ଷରୁ ଗାନ୍ଧୀଙ୍କ ଜୟନ୍ତୀ ପାଳିତ

ଭୁବନେଶ୍ୱର,୨୮।୧୨(ବ୍ୟୁରୋ)- ରାଜ୍ୟ ପ୍ରଦୂଷଣ ନିୟନ୍ତ୍ରଣ ବୋର୍ଡ (ପିସିବି) କାର୍ଯ୍ୟାଳୟଠାରେ ଗାନ୍ଧୀଙ୍କ ଜୟନ୍ତୀ ପାଳିତ ହୋଇଯାଇଛି । ଏହି ଅବସରରେ ତାଙ୍କ ପ୍ରତିମୂର୍ତ୍ତିରେ ମାଲ୍ୟାର୍ପଣ କରାଯାଇଥିଲା । ବୋର୍ଡର ଅଧ୍ୟକ୍ଷ ଓ ସଦସ୍ୟ ସଚିବଙ୍କ ସମେତ ବହୁ କର୍ମଚାରୀ ଏଥିରେ ଉପସ୍ଥିତ ଥିଲେ ।

ଅନ୍ୟପକ୍ଷରେ ଘରୋଇ ମହାବିଦ୍ୟାଳୟଗୁଡ଼ିକରେ ମଧ୍ୟ ବହୁ ଆସନ ଖାଲି ରହିଥିବାରୁ ପରିଚାଳନା କମିଟି ପକ୍ଷରୁ ଅତିରିକ୍ତ କାଉନ୍ସେଲିଂ ଦାବି କରାଯାଇଥିଲା । ଛାତ୍ରଛାତ୍ରୀଙ୍କ ସ୍ୱାର୍ଥକୁ ଦୃଷ୍ଟିରେ ରଖି ଏହି ନିଷ୍ପତ୍ତି ନିଆଯାଇଛି ବୋଲି ବିଭାଗୀୟ ଅଧିକାରୀ କହିଛନ୍ତି । କାଉନ୍ସେଲିଂ ସମ୍ବନ୍ଧୀୟ ବିସ୍ତୃତ ସୂଚନା ବିଭାଗୀୟ ୱେବସାଇଟରେ ଉପଲବ୍ଧ ହେବ । ଏହା ପରେ ମଧ୍ୟ ଆସନ ଖାଲି ରହିଲେ ସେଗୁଡ଼ିକ ଚଳିତ ଶିକ୍ଷାବର୍ଷ ପାଇଁ ବାତିଲ କରାଯିବ ।
